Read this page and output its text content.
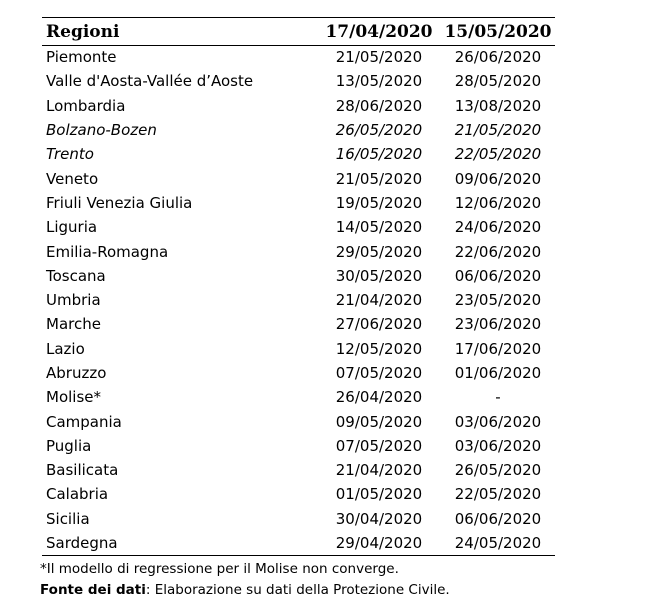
Regioni	17/04/2020	15/05/2020
Piemonte	21/05/2020	26/06/2020
Valle d'Aosta-Vallée d’Aoste	13/05/2020	28/05/2020
Lombardia	28/06/2020	13/08/2020
Bolzano-Bozen	26/05/2020	21/05/2020
Trento	16/05/2020	22/05/2020
Veneto	21/05/2020	09/06/2020
Friuli Venezia Giulia	19/05/2020	12/06/2020
Liguria	14/05/2020	24/06/2020
Emilia-Romagna	29/05/2020	22/06/2020
Toscana	30/05/2020	06/06/2020
Umbria	21/04/2020	23/05/2020
Marche	27/06/2020	23/06/2020
Lazio	12/05/2020	17/06/2020
Abruzzo	07/05/2020	01/06/2020
Molise*	26/04/2020	-
Campania	09/05/2020	03/06/2020
Puglia	07/05/2020	03/06/2020
Basilicata	21/04/2020	26/05/2020
Calabria	01/05/2020	22/05/2020
Sicilia	30/04/2020	06/06/2020
Sardegna	29/04/2020	24/05/2020
*Il modello di regressione per il Molise non converge.
Fonte dei dati: Elaborazione su dati della Protezione Civile.
